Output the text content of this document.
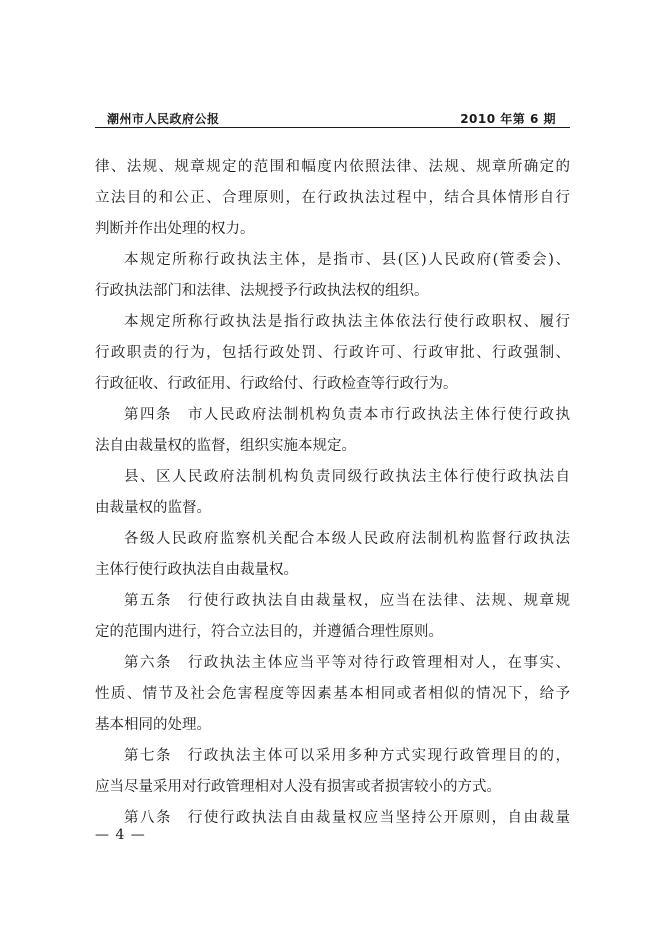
潮州市人民政府公报	2010 年第 6 期
律、法规、规章规定的范围和幅度内依照法律、法规、规章所确定的
立法目的和公正、合理原则，在行政执法过程中，结合具体情形自行
判断并作出处理的权力。
本规定所称行政执法主体，是指市、县(区)人民政府(管委会)、
行政执法部门和法律、法规授予行政执法权的组织。
本规定所称行政执法是指行政执法主体依法行使行政职权、履行
行政职责的行为，包括行政处罚、行政许可、行政审批、行政强制、
行政征收、行政征用、行政给付、行政检查等行政行为。
第四条　市人民政府法制机构负责本市行政执法主体行使行政执
法自由裁量权的监督，组织实施本规定。
县、区人民政府法制机构负责同级行政执法主体行使行政执法自
由裁量权的监督。
各级人民政府监察机关配合本级人民政府法制机构监督行政执法
主体行使行政执法自由裁量权。
第五条　行使行政执法自由裁量权，应当在法律、法规、规章规
定的范围内进行，符合立法目的，并遵循合理性原则。
第六条　行政执法主体应当平等对待行政管理相对人，在事实、
性质、情节及社会危害程度等因素基本相同或者相似的情况下，给予
基本相同的处理。
第七条　行政执法主体可以采用多种方式实现行政管理目的的，
应当尽量采用对行政管理相对人没有损害或者损害较小的方式。
第八条　行使行政执法自由裁量权应当坚持公开原则，自由裁量
— 4 —
